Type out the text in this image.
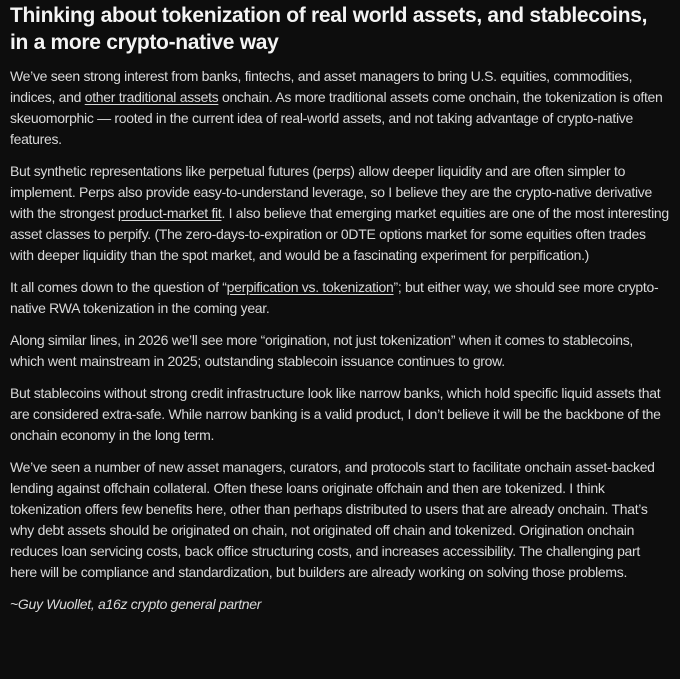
Thinking about tokenization of real world assets, and stablecoins, in a more crypto-native way

We’ve seen strong interest from banks, fintechs, and asset managers to bring U.S. equities, commodities, indices, and other traditional assets onchain. As more traditional assets come onchain, the tokenization is often skeuomorphic — rooted in the current idea of real-world assets, and not taking advantage of crypto-native features.

But synthetic representations like perpetual futures (perps) allow deeper liquidity and are often simpler to implement. Perps also provide easy-to-understand leverage, so I believe they are the crypto-native derivative with the strongest product-market fit. I also believe that emerging market equities are one of the most interesting asset classes to perpify. (The zero-days-to-expiration or 0DTE options market for some equities often trades with deeper liquidity than the spot market, and would be a fascinating experiment for perpification.)

It all comes down to the question of “perpification vs. tokenization”; but either way, we should see more crypto-native RWA tokenization in the coming year.

Along similar lines, in 2026 we’ll see more “origination, not just tokenization” when it comes to stablecoins, which went mainstream in 2025; outstanding stablecoin issuance continues to grow.

But stablecoins without strong credit infrastructure look like narrow banks, which hold specific liquid assets that are considered extra-safe. While narrow banking is a valid product, I don’t believe it will be the backbone of the onchain economy in the long term.

We’ve seen a number of new asset managers, curators, and protocols start to facilitate onchain asset-backed lending against offchain collateral. Often these loans originate offchain and then are tokenized. I think tokenization offers few benefits here, other than perhaps distributed to users that are already onchain. That’s why debt assets should be originated on chain, not originated off chain and tokenized. Origination onchain reduces loan servicing costs, back office structuring costs, and increases accessibility. The challenging part here will be compliance and standardization, but builders are already working on solving those problems.

~Guy Wuollet, a16z crypto general partner
